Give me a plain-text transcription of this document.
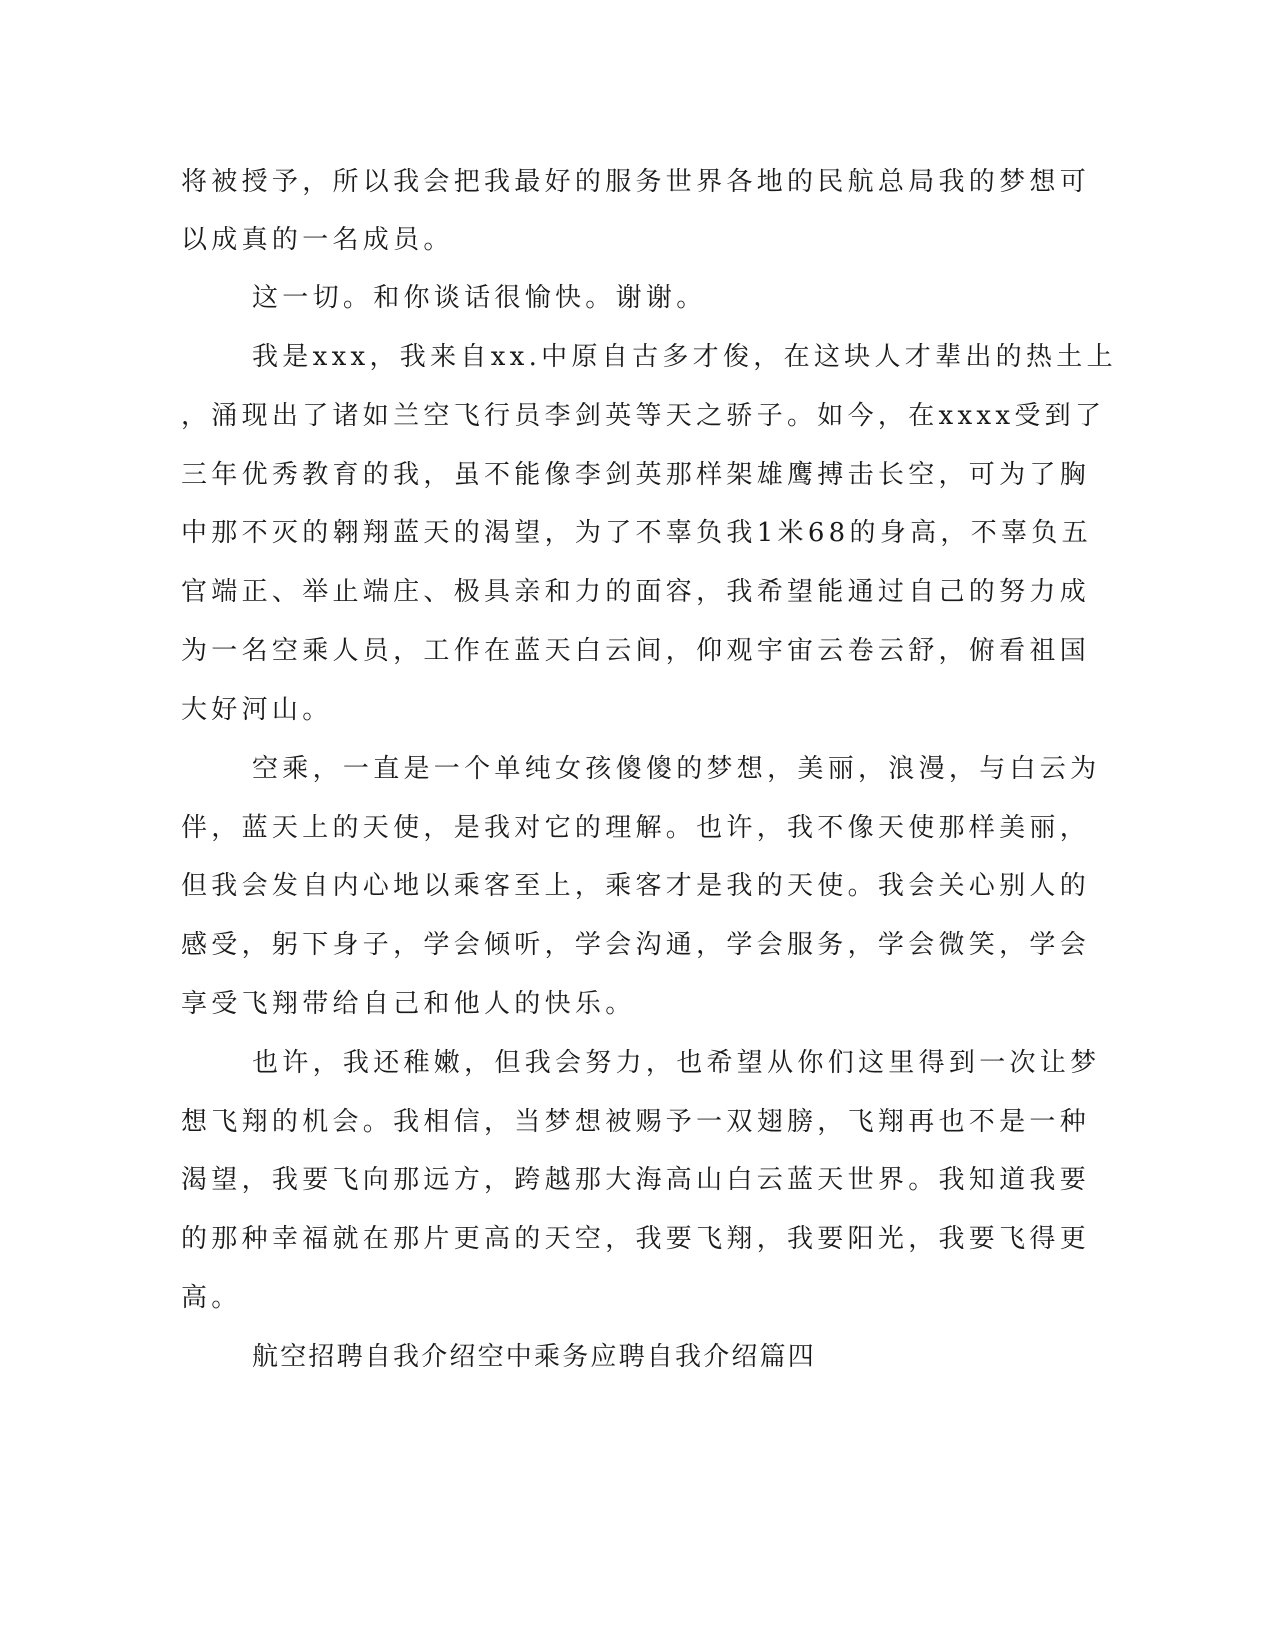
将被授予，所以我会把我最好的服务世界各地的民航总局我的梦想可
以成真的一名成员。
这一切。和你谈话很愉快。谢谢。
我是xxx，我来自xx.中原自古多才俊，在这块人才辈出的热土上
，涌现出了诸如兰空飞行员李剑英等天之骄子。如今，在xxxx受到了
三年优秀教育的我，虽不能像李剑英那样架雄鹰搏击长空，可为了胸
中那不灭的翱翔蓝天的渴望，为了不辜负我1米68的身高，不辜负五
官端正、举止端庄、极具亲和力的面容，我希望能通过自己的努力成
为一名空乘人员，工作在蓝天白云间，仰观宇宙云卷云舒，俯看祖国
大好河山。
空乘，一直是一个单纯女孩傻傻的梦想，美丽，浪漫，与白云为
伴，蓝天上的天使，是我对它的理解。也许，我不像天使那样美丽，
但我会发自内心地以乘客至上，乘客才是我的天使。我会关心别人的
感受，躬下身子，学会倾听，学会沟通，学会服务，学会微笑，学会
享受飞翔带给自己和他人的快乐。
也许，我还稚嫩，但我会努力，也希望从你们这里得到一次让梦
想飞翔的机会。我相信，当梦想被赐予一双翅膀，飞翔再也不是一种
渴望，我要飞向那远方，跨越那大海高山白云蓝天世界。我知道我要
的那种幸福就在那片更高的天空，我要飞翔，我要阳光，我要飞得更
高。
航空招聘自我介绍空中乘务应聘自我介绍篇四
